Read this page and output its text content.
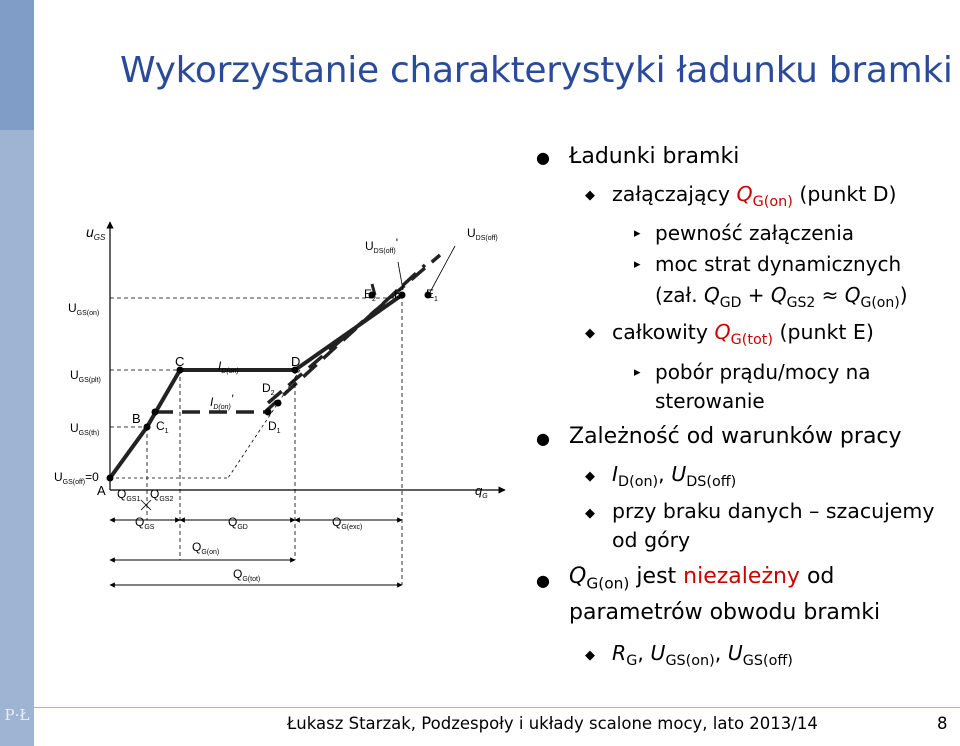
P·Ł
Wykorzystanie charakterystyki ładunku bramki
$u_{GS}$
$q_G$
$U_{GS(on)}$
$U_{GS(plt)}$
$U_{GS(th)}$
$U_{GS(off)}=0$
$U_{DS(off)}$
$U_{DS(off)}'$
A
B
C
$C_1$
D
$D_1$
$D_2$
E $E_1$
$E_2$
$I_{D(on)}$
$I_{D(on)}'$
$Q_{GS1}$ $Q_{GS2}$
$Q_{GS}$	$Q_{GD}$	$Q_{G(exc)}$
$Q_{G(on)}$
$Q_{G(tot)}$
● Ładunki bramki
◆ załączający $Q_{G(on)}$ (punkt D)
▸ pewność załączenia
▸ moc strat dynamicznych
(zał. $Q_{GD} + Q_{GS2} \approx Q_{G(on)}$)
◆ całkowity $Q_{G(tot)}$ (punkt E)
▸ pobór prądu/mocy na
sterowanie
● Zależność od warunków pracy
◆ $I_{D(on)}$, $U_{DS(off)}$
◆ przy braku danych – szacujemy
od góry
● $Q_{G(on)}$ jest niezależny od
parametrów obwodu bramki
◆ $R_G$, $U_{GS(on)}$, $U_{GS(off)}$
Łukasz Starzak, Podzespoły i układy scalone mocy, lato 2013/14	8
